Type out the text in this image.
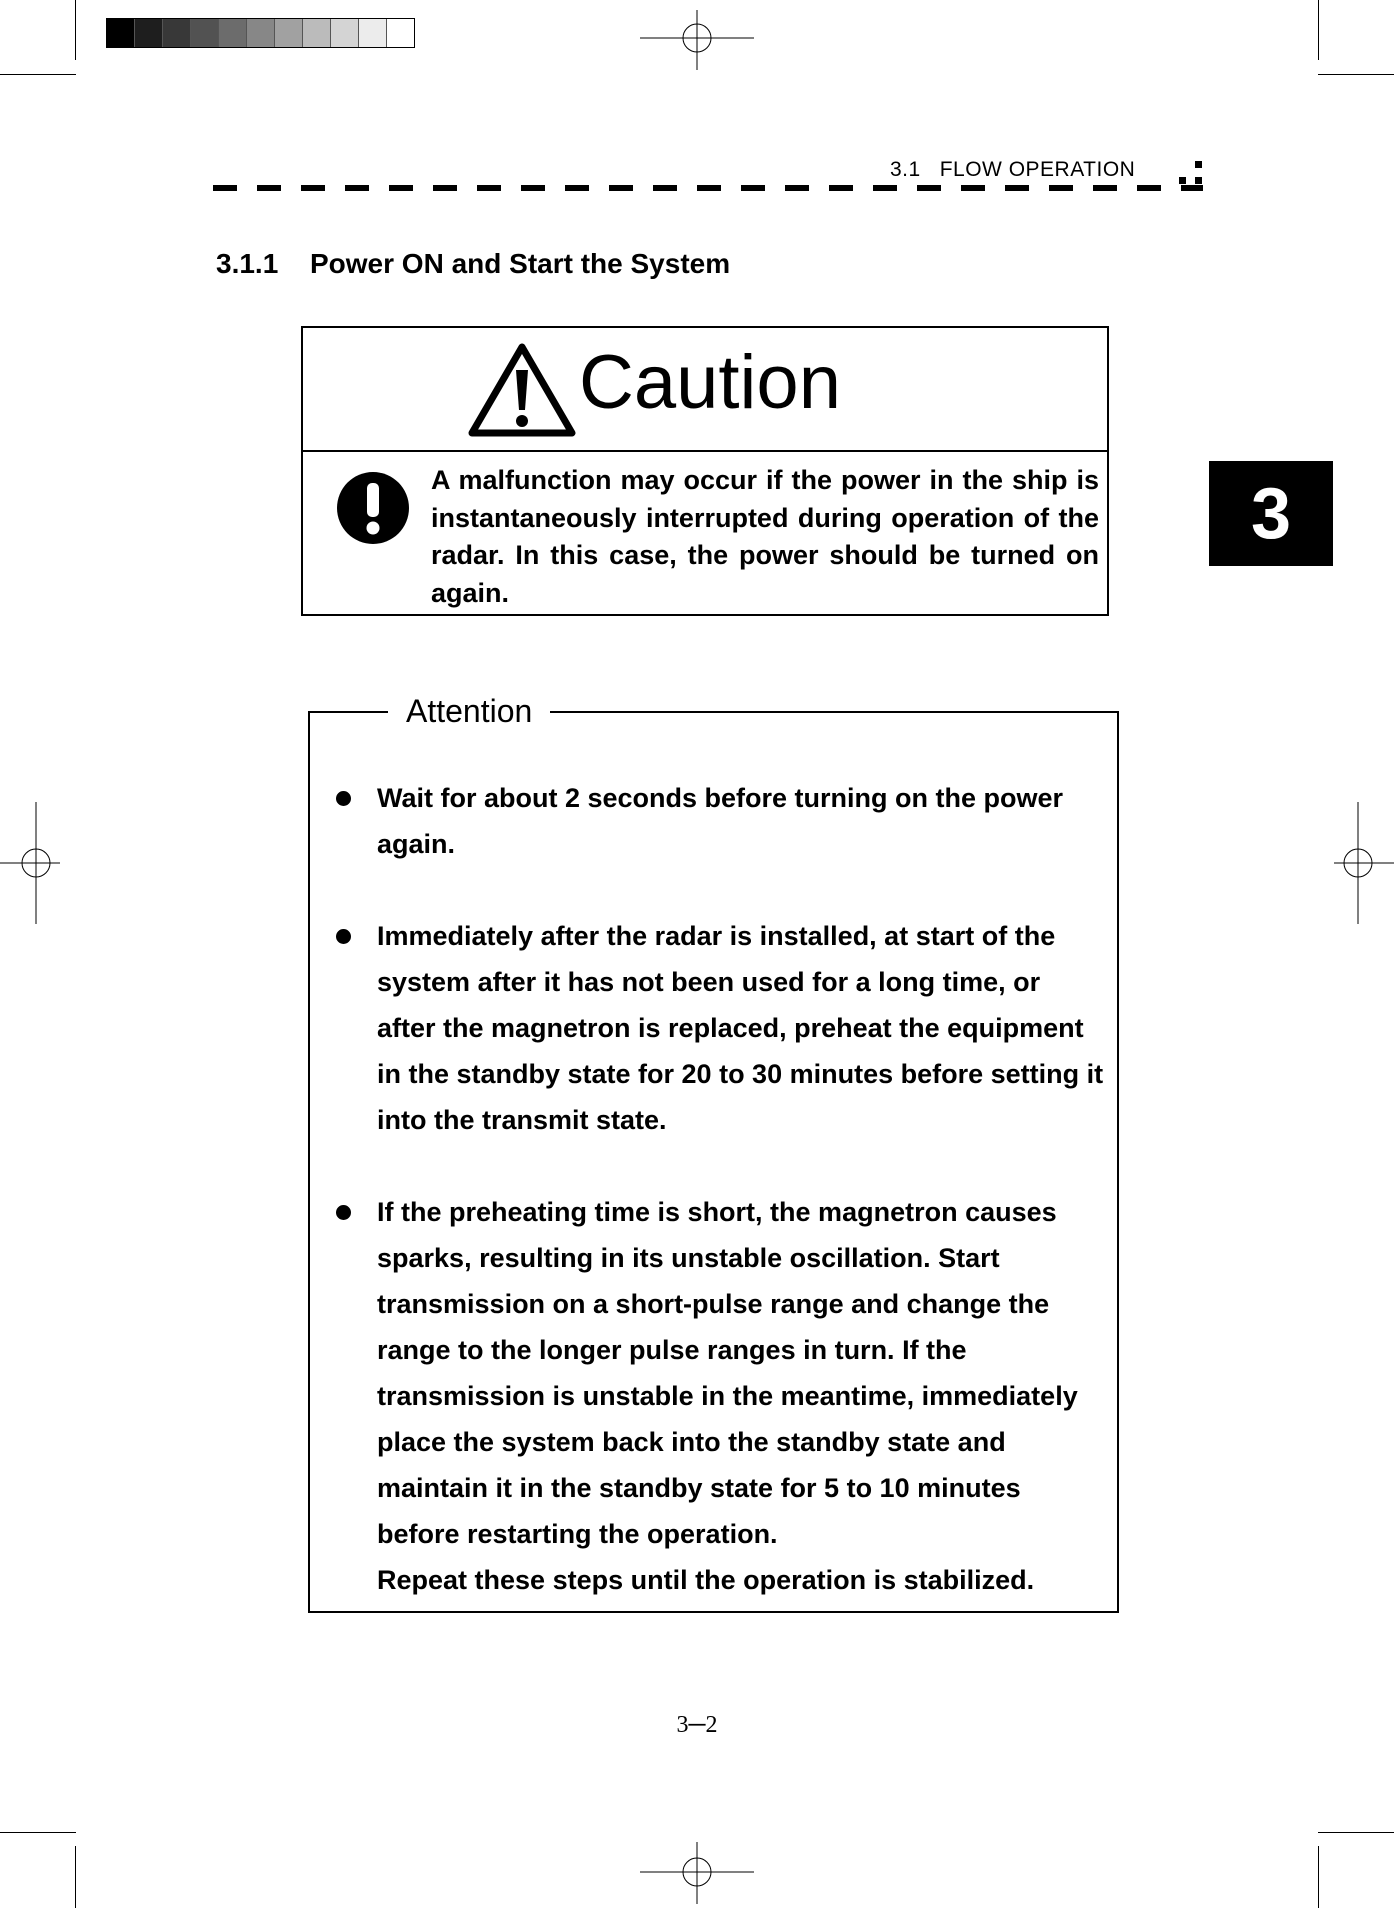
3.1   FLOW OPERATION
3.1.1 Power ON and Start the System
3
Caution

A malfunction may occur if the power in the ship is instantaneously interrupted during operation of the radar. In this case, the power should be turned on again.

Attention

Wait for about 2 seconds before turning on the power again.

Immediately after the radar is installed, at start of the system after it has not been used for a long time, or after the magnetron is replaced, preheat the equipment in the standby state for 20 to 30 minutes before setting it into the transmit state.

If the preheating time is short, the magnetron causes sparks, resulting in its unstable oscillation. Start transmission on a short-pulse range and change the range to the longer pulse ranges in turn. If the transmission is unstable in the meantime, immediately place the system back into the standby state and maintain it in the standby state for 5 to 10 minutes before restarting the operation.

Repeat these steps until the operation is stabilized.

3─2
